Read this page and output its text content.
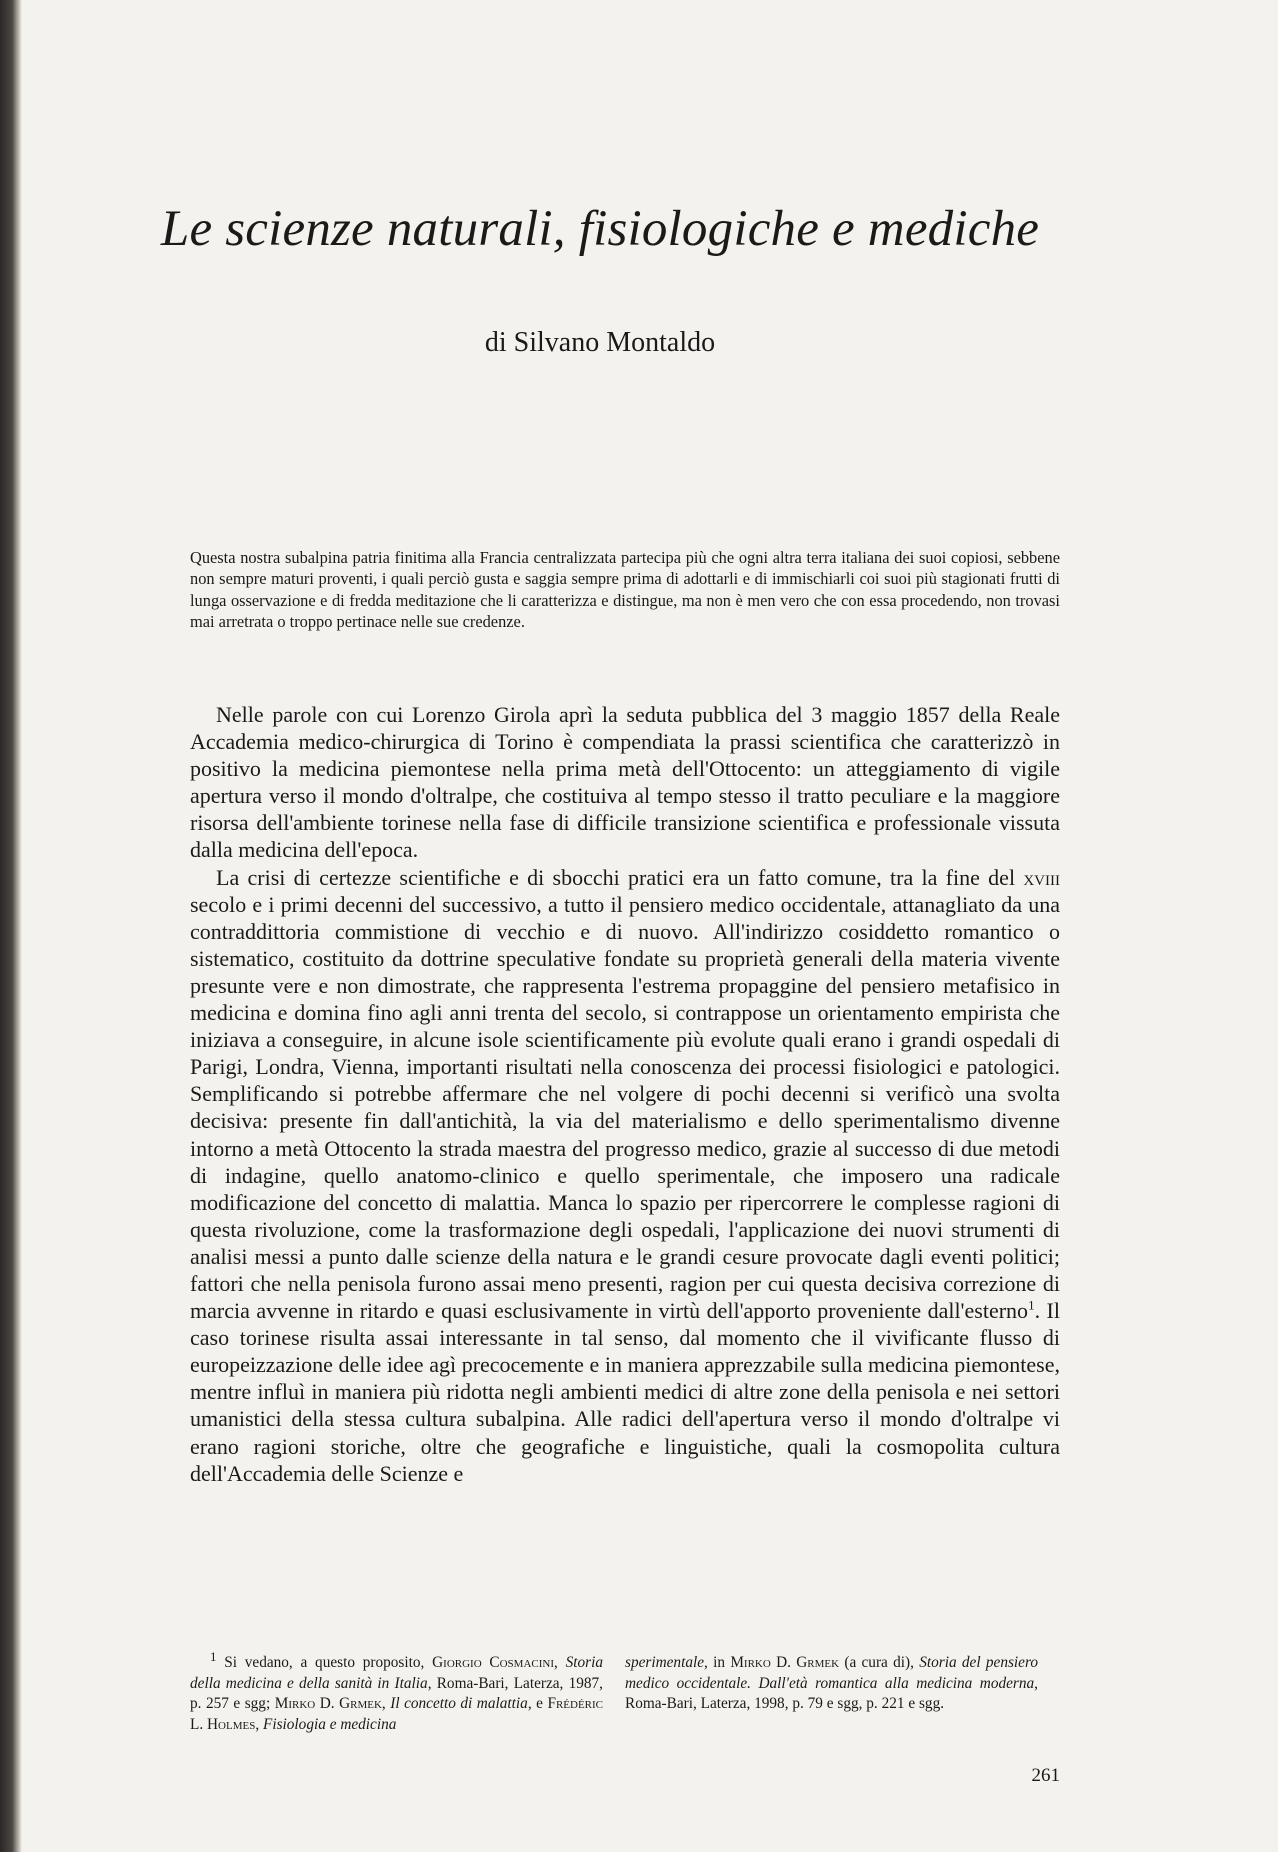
Le scienze naturali, fisiologiche e mediche
di Silvano Montaldo

Questa nostra subalpina patria finitima alla Francia centralizzata partecipa più che ogni altra terra italiana dei suoi copiosi, sebbene non sempre maturi proventi, i quali perciò gusta e saggia sempre prima di adottarli e di immischiarli coi suoi più stagionati frutti di lunga osservazione e di fredda meditazione che li caratterizza e distingue, ma non è men vero che con essa procedendo, non trovasi mai arretrata o troppo pertinace nelle sue credenze.

Nelle parole con cui Lorenzo Girola aprì la seduta pubblica del 3 maggio 1857 della Reale Accademia medico-chirurgica di Torino è compendiata la prassi scientifica che caratterizzò in positivo la medicina piemontese nella prima metà dell'Ottocento: un atteggiamento di vigile apertura verso il mondo d'oltralpe, che costituiva al tempo stesso il tratto peculiare e la maggiore risorsa dell'ambiente torinese nella fase di difficile transizione scientifica e professionale vissuta dalla medicina dell'epoca.

La crisi di certezze scientifiche e di sbocchi pratici era un fatto comune, tra la fine del xviii secolo e i primi decenni del successivo, a tutto il pensiero medico occidentale, attanagliato da una contraddittoria commistione di vecchio e di nuovo. All'indirizzo cosiddetto romantico o sistematico, costituito da dottrine speculative fondate su proprietà generali della materia vivente presunte vere e non dimostrate, che rappresenta l'estrema propaggine del pensiero metafisico in medicina e domina fino agli anni trenta del secolo, si contrappose un orientamento empirista che iniziava a conseguire, in alcune isole scientificamente più evolute quali erano i grandi ospedali di Parigi, Londra, Vienna, importanti risultati nella conoscenza dei processi fisiologici e patologici. Semplificando si potrebbe affermare che nel volgere di pochi decenni si verificò una svolta decisiva: presente fin dall'antichità, la via del materialismo e dello sperimentalismo divenne intorno a metà Ottocento la strada maestra del progresso medico, grazie al successo di due metodi di indagine, quello anatomo-clinico e quello sperimentale, che imposero una radicale modificazione del concetto di malattia. Manca lo spazio per ripercorrere le complesse ragioni di questa rivoluzione, come la trasformazione degli ospedali, l'applicazione dei nuovi strumenti di analisi messi a punto dalle scienze della natura e le grandi cesure provocate dagli eventi politici; fattori che nella penisola furono assai meno presenti, ragion per cui questa decisiva correzione di marcia avvenne in ritardo e quasi esclusivamente in virtù dell'apporto proveniente dall'esterno$^1$. Il caso torinese risulta assai interessante in tal senso, dal momento che il vivificante flusso di europeizzazione delle idee agì precocemente e in maniera apprezzabile sulla medicina piemontese, mentre influì in maniera più ridotta negli ambienti medici di altre zone della penisola e nei settori umanistici della stessa cultura subalpina. Alle radici dell'apertura verso il mondo d'oltralpe vi erano ragioni storiche, oltre che geografiche e linguistiche, quali la cosmopolita cultura dell'Accademia delle Scienze e

$^1$ Si vedano, a questo proposito, Giorgio Cosmacini, Storia della medicina e della sanità in Italia, Roma-Bari, Laterza, 1987, p. 257 e sgg; Mirko D. Grmek, Il concetto di malattia, e Frédéric L. Holmes, Fisiologia e medicina
sperimentale, in Mirko D. Grmek (a cura di), Storia del pensiero medico occidentale. Dall'età romantica alla medicina moderna, Roma-Bari, Laterza, 1998, p. 79 e sgg, p. 221 e sgg.
261
